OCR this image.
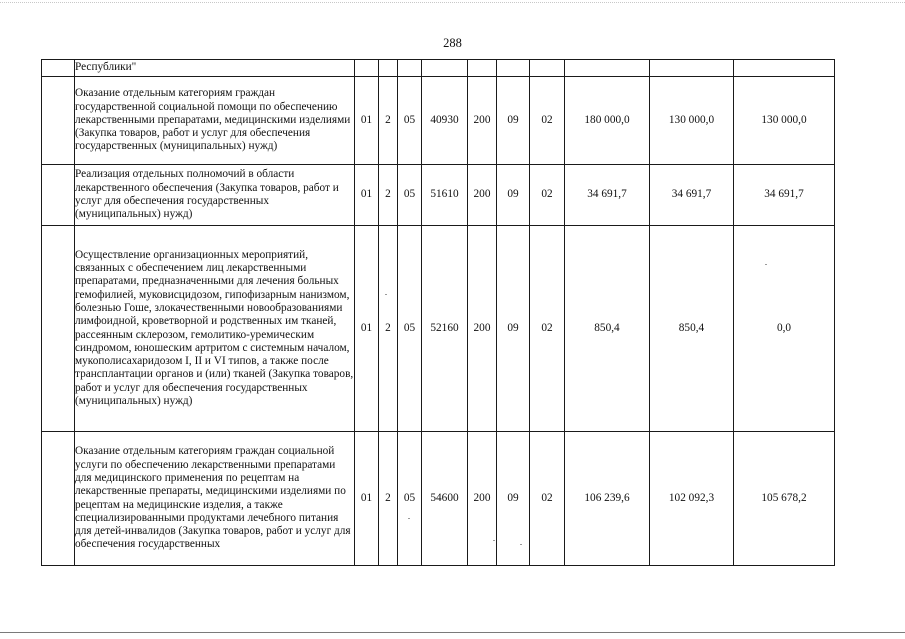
288
	Республики"										
	Оказание отдельным категориям граждан государственной социальной помощи по обеспечению лекарственными препаратами, медицинскими изделиями (Закупка товаров, работ и услуг для обеспечения государственных (муниципальных) нужд)	01	2	05	40930	200	09	02	180 000,0	130 000,0	130 000,0
	Реализация отдельных полномочий в области лекарственного обеспечения (Закупка товаров, работ и услуг для обеспечения государственных (муниципальных) нужд)	01	2	05	51610	200	09	02	34 691,7	34 691,7	34 691,7
	Осуществление организационных мероприятий, связанных с обеспечением лиц лекарственными препаратами, предназначенными для лечения больных гемофилией, муковисцидозом, гипофизарным нанизмом, болезнью Гоше, злокачественными новообразованиями лимфоидной, кроветворной и родственных им тканей, рассеянным склерозом, гемолитико-уремическим синдромом, юношеским артритом с системным началом, мукополисахаридозом I, II и VI типов, а также после трансплантации органов и (или) тканей (Закупка товаров, работ и услуг для обеспечения государственных (муниципальных) нужд)	01	2	05	52160	200	09	02	850,4	850,4	0,0
	Оказание отдельным категориям граждан социальной услуги по обеспечению лекарственными препаратами для медицинского применения по рецептам на лекарственные препараты, медицинскими изделиями по рецептам на медицинские изделия, а также специализированными продуктами лечебного питания для детей-инвалидов (Закупка товаров, работ и услуг для обеспечения государственных	01	2	05	54600	200	09	02	106 239,6	102 092,3	105 678,2
